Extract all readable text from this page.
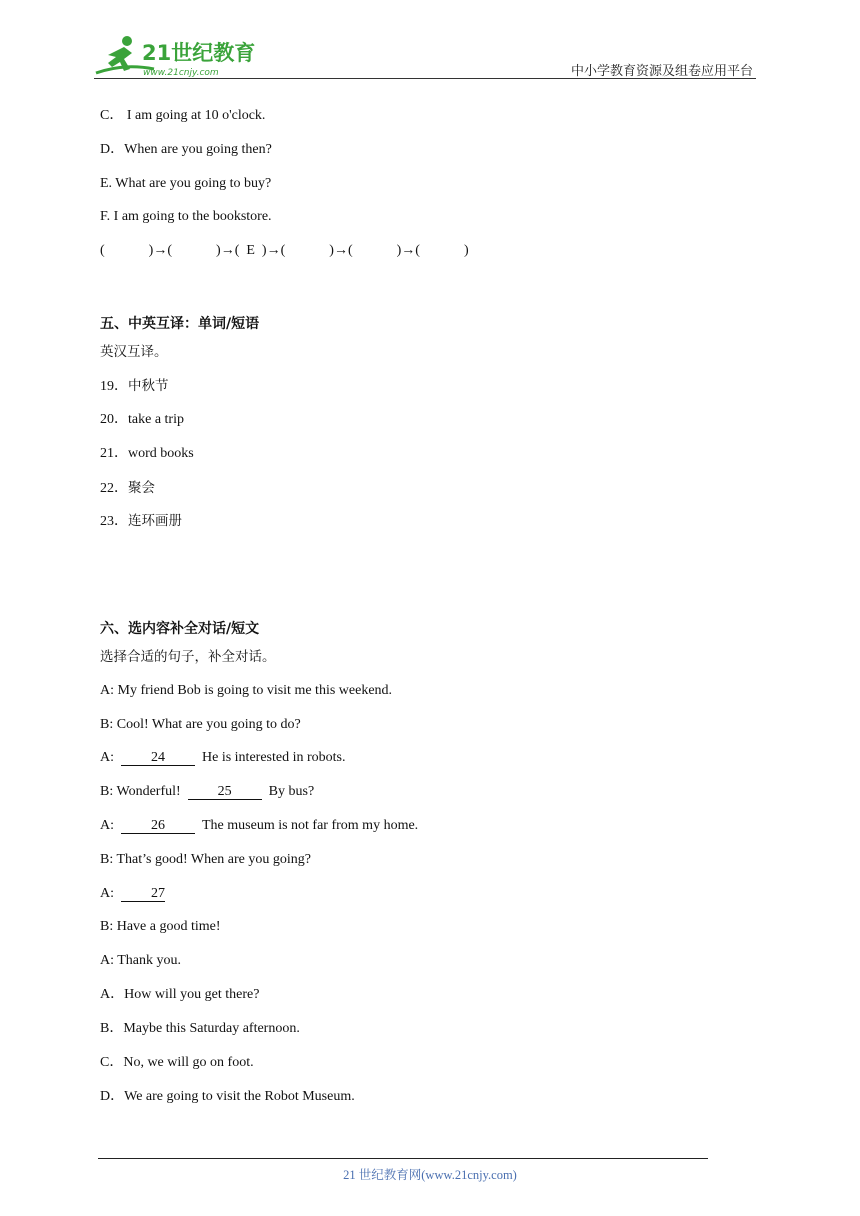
21世纪教育
www.21cnjy.com	中小学教育资源及组卷应用平台
C． I am going at 10 o'clock.
D．When are you going then?
E. What are you going to buy?
F. I am going to the bookstore.
(	)→(	)→( E )→(	)→(	)→(	)
五、中英互译：单词/短语
英汉互译。
19．中秋节
20．take a trip
21．word books
22．聚会
23．连环画册
六、选内容补全对话/短文
选择合适的句子，补全对话。
A: My friend Bob is going to visit me this weekend.
B: Cool! What are you going to do?
A:	24	He is interested in robots.
B: Wonderful!	25	By bus?
A:	26	The museum is not far from my home.
B: That’s good! When are you going?
A:	27
B: Have a good time!
A: Thank you.
A．How will you get there?
B．Maybe this Saturday afternoon.
C．No, we will go on foot.
D．We are going to visit the Robot Museum.
21 世纪教育网(www.21cnjy.com)
